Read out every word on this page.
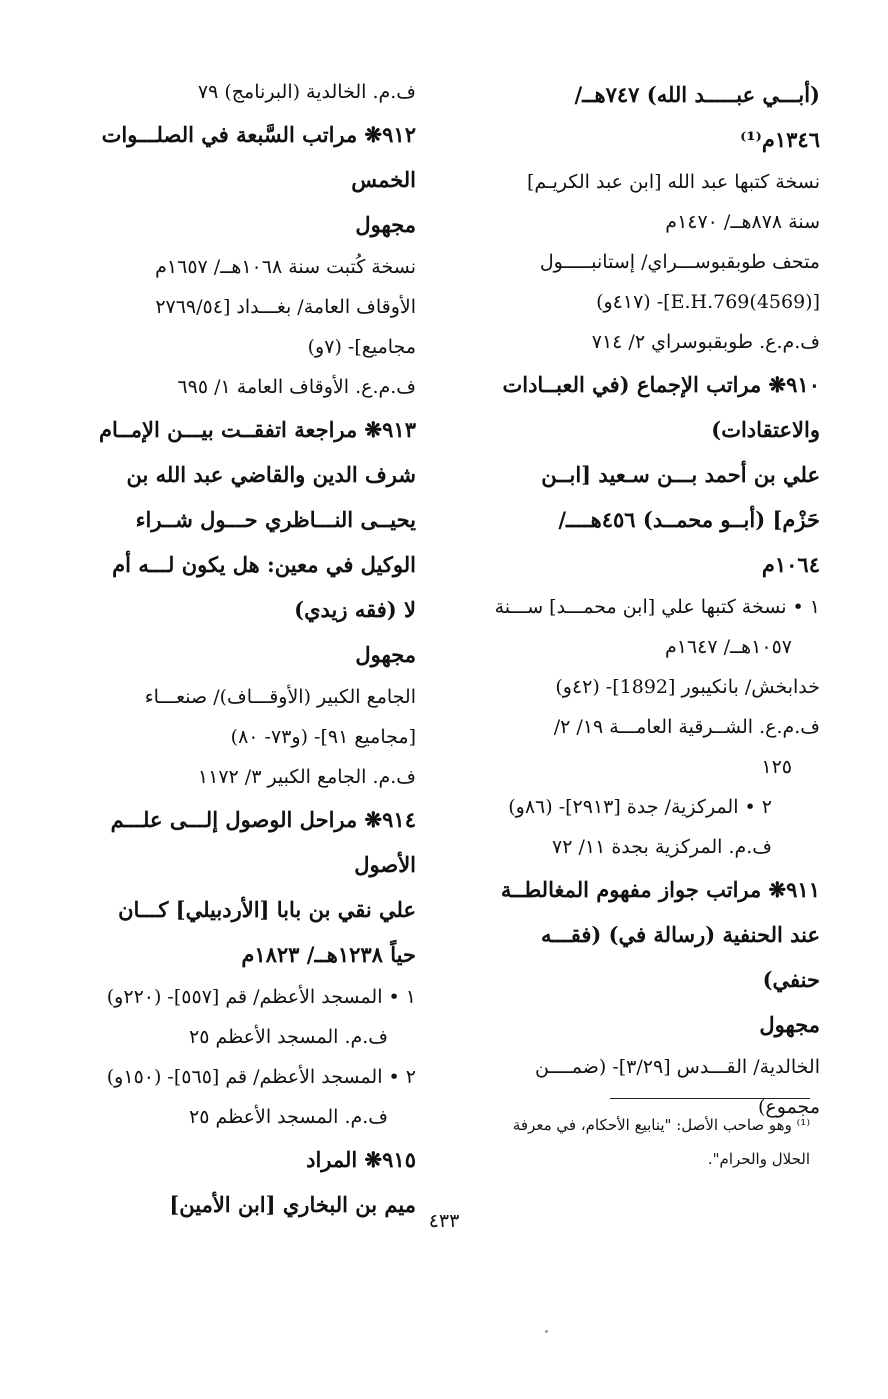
(أبـــي عبـــــد الله) ٧٤٧هــ/
١٣٤٦م⁽¹⁾
نسخة كتبها عبد الله [ابن عبد الكريـم]
سنة ٨٧٨هــ/ ١٤٧٠م
متحف طوبقبوســـراي/ إستانبـــــول
[(4569)E.H.769]- (٤١٧و)
ف.م.ع. طوبقبوسراي ٢/ ٧١٤
٩١٠❋ مراتب الإجماع (في العبــادات
والاعتقادات)
علي بن أحمد بـــن سـعيد [ابــن
حَزْم] (أبــو محمــد) ٤٥٦هــــ/
١٠٦٤م
١ • نسخة كتبها علي [ابن محمـــد] ســـنة
١٠٥٧هــ/ ١٦٤٧م
خدابخش/ بانكيبور [1892]- (٤٢و)
ف.م.ع. الشــرقية العامـــة ١٩/ ٢/
١٢٥
٢ • المركزية/ جدة [٢٩١٣]- (٨٦و)
ف.م. المركزية بجدة ١١/ ٧٢
٩١١❋ مراتب جواز مفهوم المغالطــة
عند الحنفية (رسالة في) (فقـــه
حنفي)
مجهول
الخالدية/ القـــدس [٣/٢٩]- (ضمــــن
مجموع)
ف.م. الخالدية (البرنامج) ٧٩
٩١٢❋ مراتب السَّبعة في الصلـــوات
الخمس
مجهول
نسخة كُتبت سنة ١٠٦٨هــ/ ١٦٥٧م
الأوقاف العامة/ بغـــداد [٢٧٦٩/٥٤
مجاميع]- (٧و)
ف.م.ع. الأوقاف العامة ١/ ٦٩٥
٩١٣❋ مراجعة اتفقــت بيـــن الإمــام
شرف الدين والقاضي عبد الله بن
يحيــى النـــاظري حـــول شــراء
الوكيل في معين: هل يكون لـــه أم
لا (فقه زيدي)
مجهول
الجامع الكبير (الأوقـــاف)/ صنعـــاء
[مجاميع ٩١]- (و٧٣- ٨٠)
ف.م. الجامع الكبير ٣/ ١١٧٢
٩١٤❋ مراحل الوصول إلـــى علـــم
الأصول
علي نقي بن بابا [الأردبيلي] كـــان
حياً ١٢٣٨هــ/ ١٨٢٣م
١ • المسجد الأعظم/ قم [٥٥٧]- (٢٢٠و)
ف.م. المسجد الأعظم ٢٥
٢ • المسجد الأعظم/ قم [٥٦٥]- (١٥٠و)
ف.م. المسجد الأعظم ٢٥
٩١٥❋ المراد
ميم بن البخاري [ابن الأمين]
⁽¹⁾ وهو صاحب الأصل: "ينابيع الأحكام، في معرفة
الحلال والحرام".
٤٣٣
